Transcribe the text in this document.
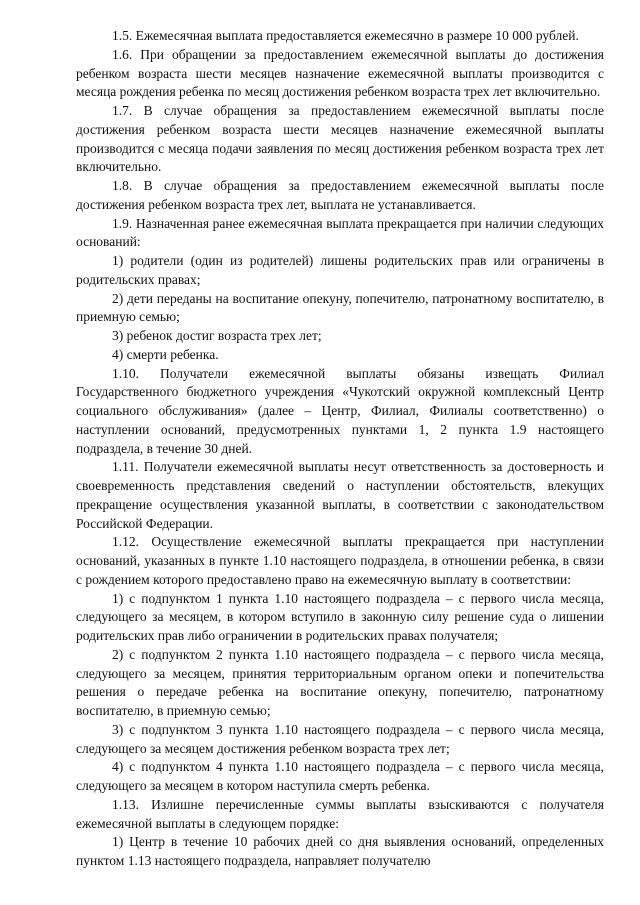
1.5. Ежемесячная выплата предоставляется ежемесячно в размере 10 000 рублей.

1.6. При обращении за предоставлением ежемесячной выплаты до достижения ребенком возраста шести месяцев назначение ежемесячной выплаты производится с месяца рождения ребенка по месяц достижения ребенком возраста трех лет включительно.

1.7. В случае обращения за предоставлением ежемесячной выплаты после достижения ребенком возраста шести месяцев назначение ежемесячной выплаты производится с месяца подачи заявления по месяц достижения ребенком возраста трех лет включительно.

1.8. В случае обращения за предоставлением ежемесячной выплаты после достижения ребенком возраста трех лет, выплата не устанавливается.

1.9. Назначенная ранее ежемесячная выплата прекращается при наличии следующих оснований:

1) родители (один из родителей) лишены родительских прав или ограничены в родительских правах;

2) дети переданы на воспитание опекуну, попечителю, патронатному воспитателю, в приемную семью;

3) ребенок достиг возраста трех лет;

4) смерти ребенка.

1.10. Получатели ежемесячной выплаты обязаны извещать Филиал Государственного бюджетного учреждения «Чукотский окружной комплексный Центр социального обслуживания» (далее – Центр, Филиал, Филиалы соответственно) о наступлении оснований, предусмотренных пунктами 1, 2 пункта 1.9 настоящего подраздела, в течение 30 дней.

1.11. Получатели ежемесячной выплаты несут ответственность за достоверность и своевременность представления сведений о наступлении обстоятельств, влекущих прекращение осуществления указанной выплаты, в соответствии с законодательством Российской Федерации.

1.12. Осуществление ежемесячной выплаты прекращается при наступлении оснований, указанных в пункте 1.10 настоящего подраздела, в отношении ребенка, в связи с рождением которого предоставлено право на ежемесячную выплату в соответствии:

1) с подпунктом 1 пункта 1.10 настоящего подраздела – с первого числа месяца, следующего за месяцем, в котором вступило в законную силу решение суда о лишении родительских прав либо ограничении в родительских правах получателя;

2) с подпунктом 2 пункта 1.10 настоящего подраздела – с первого числа месяца, следующего за месяцем, принятия территориальным органом опеки и попечительства решения о передаче ребенка на воспитание опекуну, попечителю, патронатному воспитателю, в приемную семью;

3) с подпунктом 3 пункта 1.10 настоящего подраздела – с первого числа месяца, следующего за месяцем достижения ребенком возраста трех лет;

4) с подпунктом 4 пункта 1.10 настоящего подраздела – с первого числа месяца, следующего за месяцем в котором наступила смерть ребенка.

1.13. Излишне перечисленные суммы выплаты взыскиваются с получателя ежемесячной выплаты в следующем порядке:

1) Центр в течение 10 рабочих дней со дня выявления оснований, определенных пунктом 1.13 настоящего подраздела, направляет получателю
